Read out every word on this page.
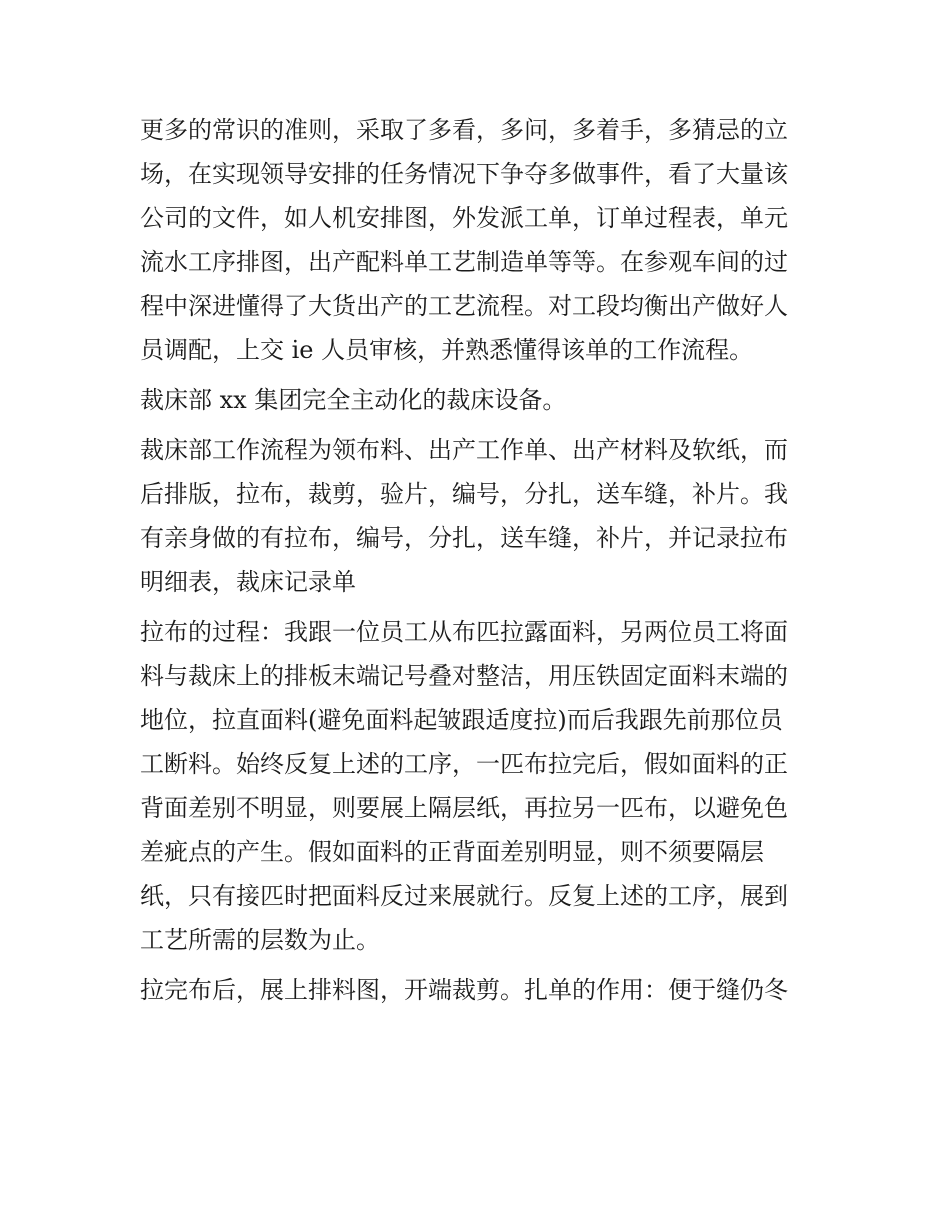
更多的常识的准则，采取了多看，多问，多着手，多猜忌的立
场，在实现领导安排的任务情况下争夺多做事件，看了大量该
公司的文件，如人机安排图，外发派工单，订单过程表，单元
流水工序排图，出产配料单工艺制造单等等。在参观车间的过
程中深进懂得了大货出产的工艺流程。对工段均衡出产做好人
员调配，上交 ie 人员审核，并熟悉懂得该单的工作流程。
裁床部 xx 集团完全主动化的裁床设备。
裁床部工作流程为领布料、出产工作单、出产材料及软纸，而
后排版，拉布，裁剪，验片，编号，分扎，送车缝，补片。我
有亲身做的有拉布，编号，分扎，送车缝，补片，并记录拉布
明细表，裁床记录单
拉布的过程：我跟一位员工从布匹拉露面料，另两位员工将面
料与裁床上的排板末端记号叠对整洁，用压铁固定面料末端的
地位，拉直面料(避免面料起皱跟适度拉)而后我跟先前那位员
工断料。始终反复上述的工序，一匹布拉完后，假如面料的正
背面差别不明显，则要展上隔层纸，再拉另一匹布，以避免色
差疵点的产生。假如面料的正背面差别明显，则不须要隔层
纸，只有接匹时把面料反过来展就行。反复上述的工序，展到
工艺所需的层数为止。
拉完布后，展上排料图，开端裁剪。扎单的作用：便于缝仍冬
